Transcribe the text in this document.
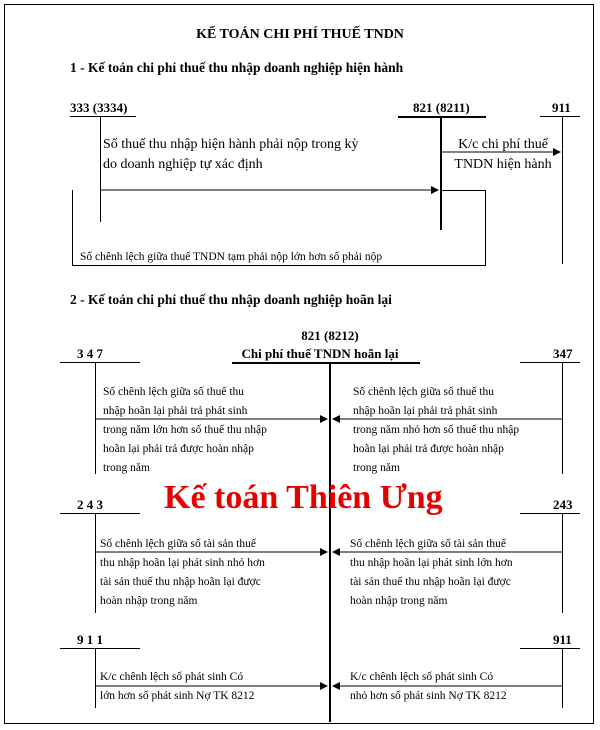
KẾ TOÁN CHI PHÍ THUẾ TNDN
1 - Kế toán chi phí thuế thu nhập doanh nghiệp hiện hành
333 (3334)	821 (8211)	911
Số thuế thu nhập hiện hành phải nộp trong kỳ
do doanh nghiệp tự xác định
K/c chi phí thuế
TNDN hiện hành
Số chênh lệch giữa thuế TNDN tạm phải nộp lớn hơn số phải nộp
2 - Kế toán chi phí thuế thu nhập doanh nghiệp hoãn lại
821 (8212)
Chi phí thuế TNDN hoãn lại
3 4 7	347
Số chênh lệch giữa số thuế thu
nhập hoãn lại phải trả phát sinh
trong năm lớn hơn số thuế thu nhập
hoãn lại phải trả được hoàn nhập
trong năm
Số chênh lệch giữa số thuế thu
nhập hoãn lại phải trả phát sinh
trong năm nhỏ hơn số thuế thu nhập
hoãn lại phải trả được hoàn nhập
trong năm
2 4 3	243
Số chênh lệch giữa số tài sản thuế
thu nhập hoãn lại phát sinh nhỏ hơn
tài sản thuế thu nhập hoãn lại được
hoàn nhập trong năm
Số chênh lệch giữa số tài sản thuế
thu nhập hoãn lại phát sinh lớn hơn
tài sản thuế thu nhập hoãn lại được
hoàn nhập trong năm
9 1 1	911
K/c chênh lệch số phát sinh Có
lớn hơn số phát sinh Nợ TK 8212
K/c chênh lệch số phát sinh Có
nhỏ hơn số phát sinh Nợ TK 8212
Kế toán Thiên Ưng
